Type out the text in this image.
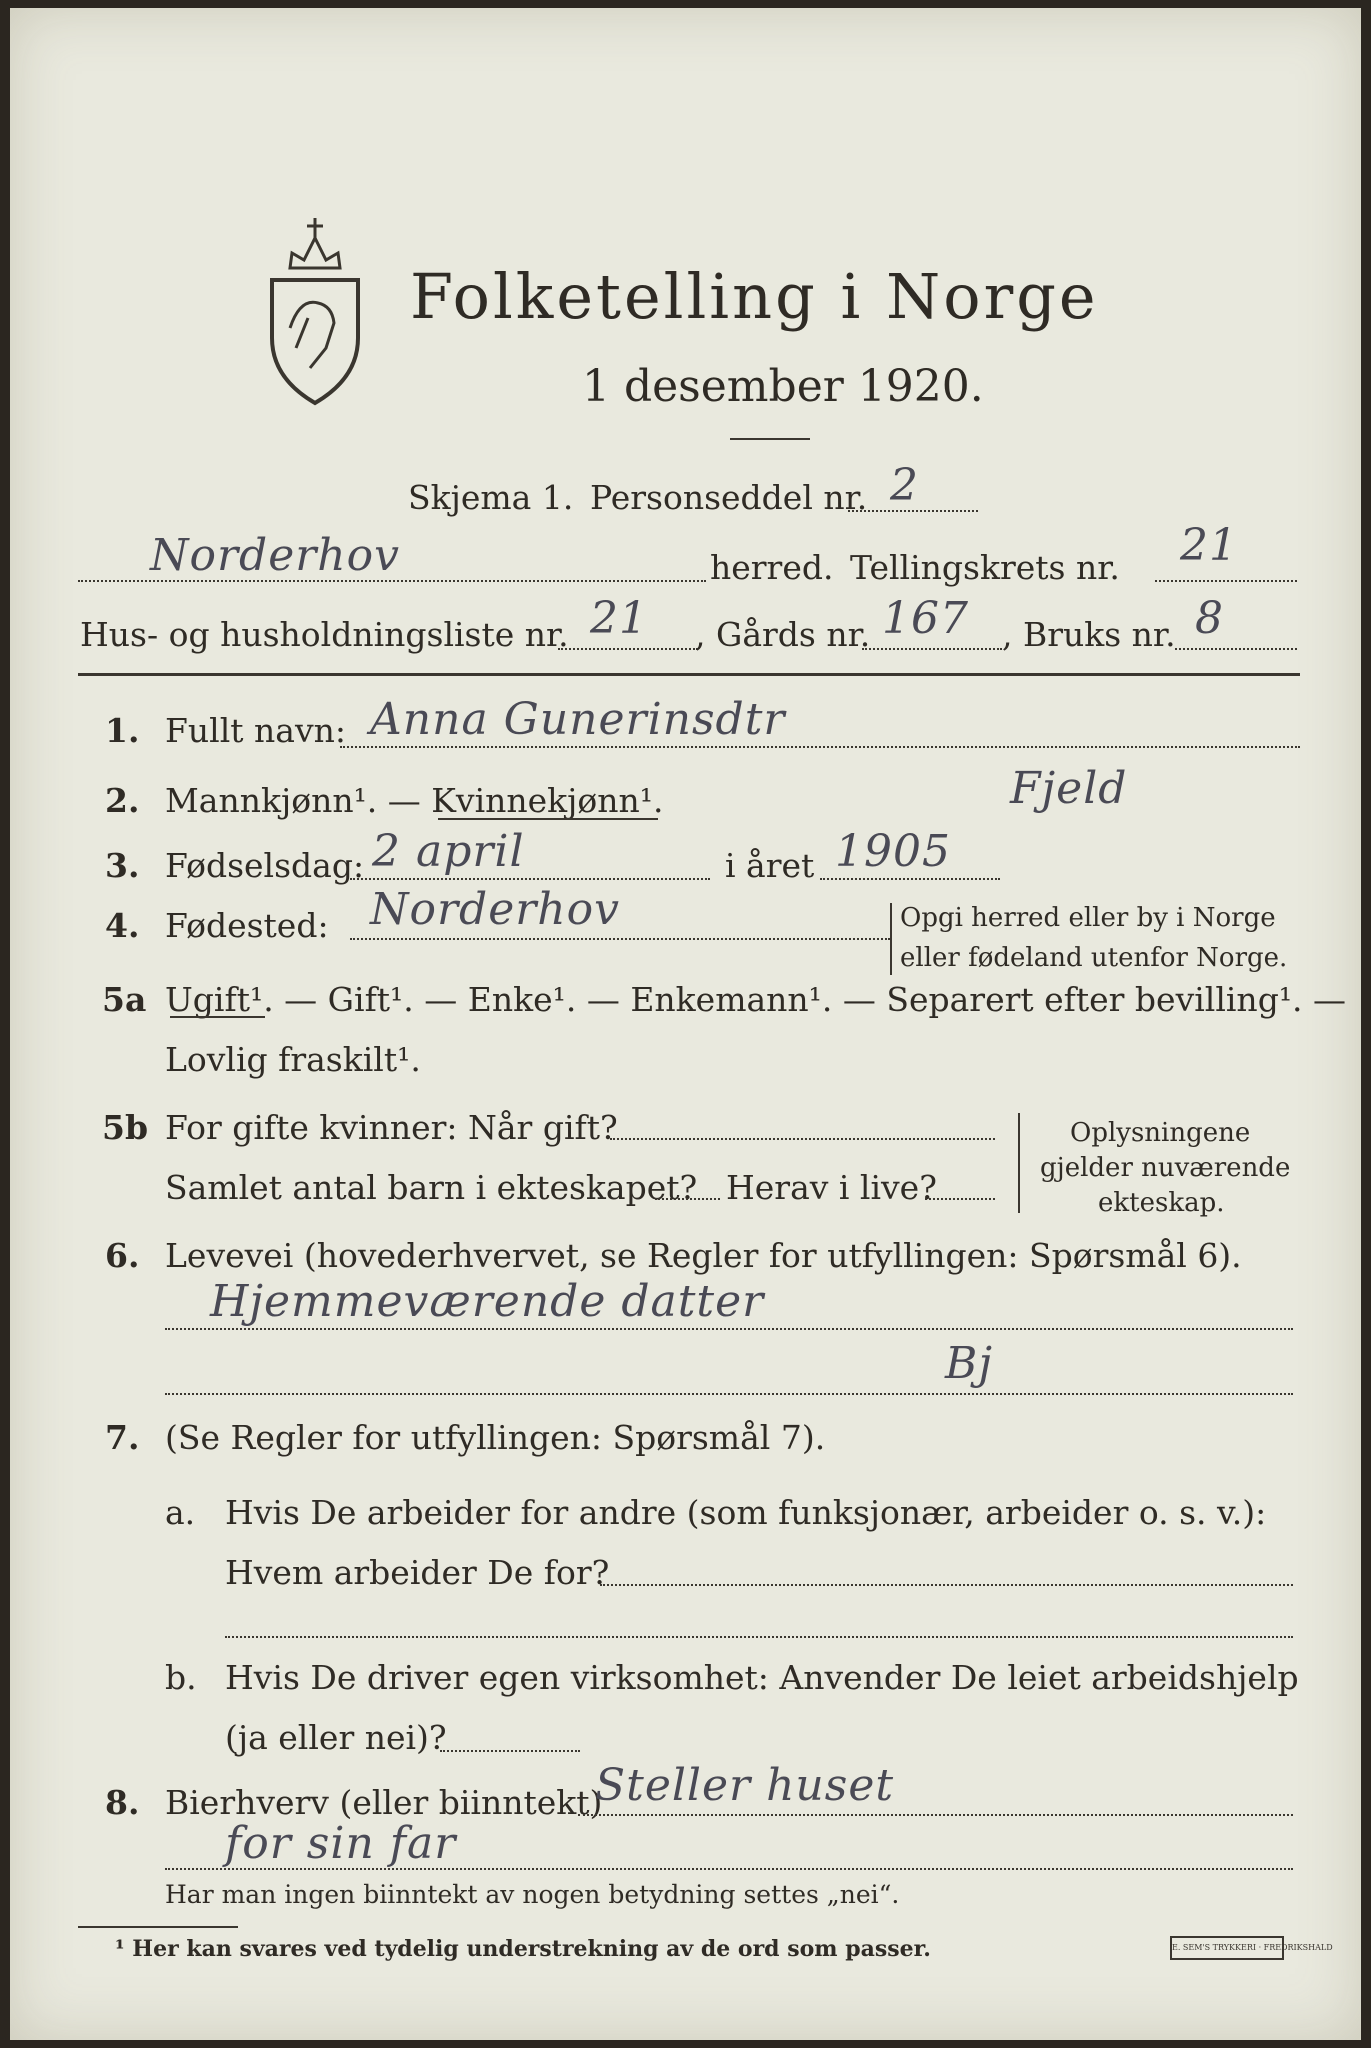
Folketelling i Norge
1 desember 1920.
Skjema 1. Personseddel nr. 2
Norderhov	herred. Tellingskrets nr. 21
Hus- og husholdningsliste nr. 21 , Gårds nr. 167 , Bruks nr. 8
1. Fullt navn: Anna Gunerinsdtr
Fjeld
2. Mannkjønn¹. — Kvinnekjønn¹.
3. Fødselsdag: 2 april	i året 1905
4. Fødested: Norderhov	Opgi herred eller by i Norge
eller fødeland utenfor Norge.
5a Ugift¹. — Gift¹. — Enke¹. — Enkemann¹. — Separert efter bevilling¹. —
Lovlig fraskilt¹.
5b For gifte kvinner: Når gift?
Samlet antal barn i ekteskapet? Herav i live?
Oplysningene
gjelder nuværende
ekteskap.
6. Levevei (hovederhvervet, se Regler for utfyllingen: Spørsmål 6).
Hjemmeværende datter
Bj
7. (Se Regler for utfyllingen: Spørsmål 7).
a. Hvis De arbeider for andre (som funksjonær, arbeider o. s. v.):
Hvem arbeider De for?
b. Hvis De driver egen virksomhet: Anvender De leiet arbeidshjelp
(ja eller nei)?
8. Bierhverv (eller biinntekt)
Steller huset
for sin far
Har man ingen biinntekt av nogen betydning settes „nei“.
¹ Her kan svares ved tydelig understrekning av de ord som passer.	E. SEM'S TRYKKERI · FREDRIKSHALD
